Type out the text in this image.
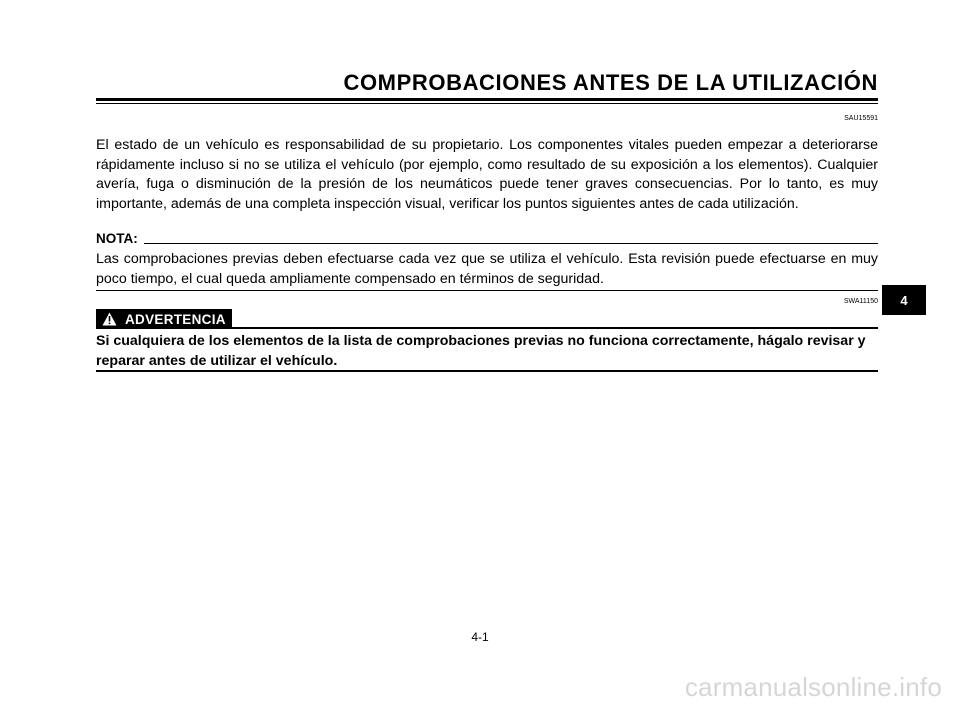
COMPROBACIONES ANTES DE LA UTILIZACIÓN
SAU15591

El estado de un vehículo es responsabilidad de su propietario. Los componentes vitales pueden empezar a deteriorarse rápidamente incluso si no se utiliza el vehículo (por ejemplo, como resultado de su exposición a los elementos). Cualquier avería, fuga o disminución de la presión de los neumáticos puede tener graves consecuencias. Por lo tanto, es muy importante, además de una completa inspección visual, verificar los puntos siguientes antes de cada utilización.

NOTA:

Las comprobaciones previas deben efectuarse cada vez que se utiliza el vehículo. Esta revisión puede efectuarse en muy poco tiempo, el cual queda ampliamente compensado en términos de seguridad.

SWA11150
ADVERTENCIA

Si cualquiera de los elementos de la lista de comprobaciones previas no funciona correctamente, hágalo revisar y reparar antes de utilizar el vehículo.

4
4-1
carmanualsonline.info
